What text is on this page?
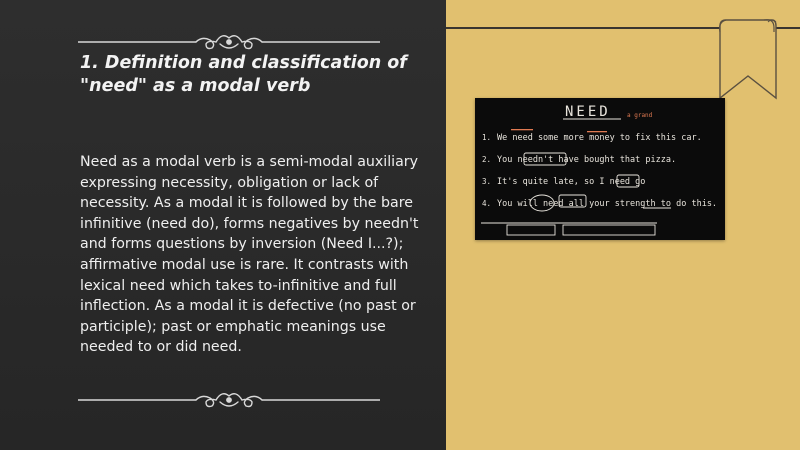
1. Definition and classification of "need" as a modal verb

Need as a modal verb is a semi-modal auxiliary expressing necessity, obligation or lack of necessity. As a modal it is followed by the bare infinitive (need do), forms negatives by needn't and forms questions by inversion (Need I...?); affirmative modal use is rare. It contrasts with lexical need which takes to-infinitive and full inflection. As a modal it is defective (no past or participle); past or emphatic meanings use needed to or did need.

NEED	a grand
1. We need some more money to fix this car.
2. You needn't have bought that pizza.
3. It's quite late, so I need go
4. You will need all your strength to do this.
